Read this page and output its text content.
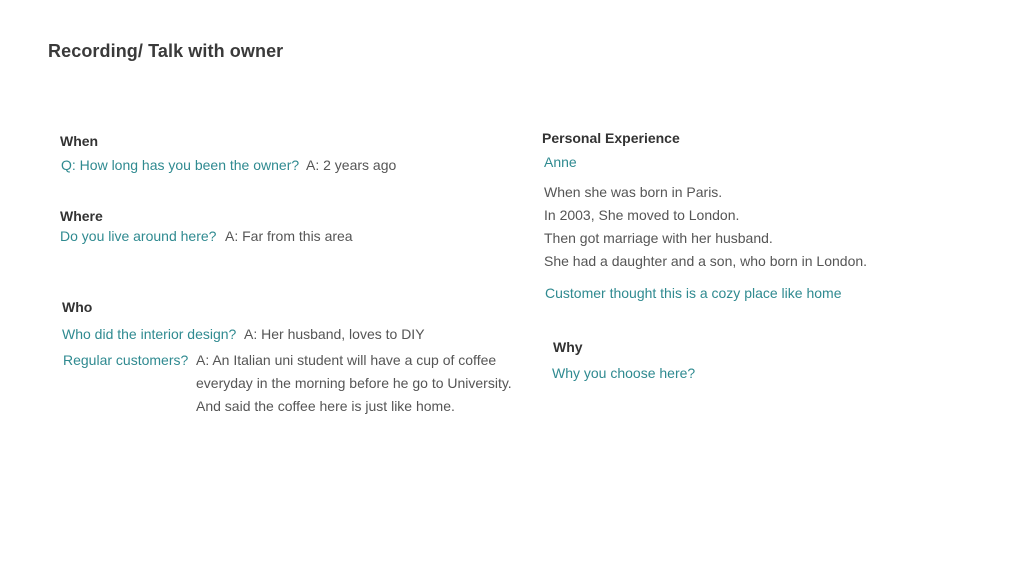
Recording/ Talk with owner
When
Q: How long has you been the owner? A: 2 years ago
Where
Do you live around here? A: Far from this area
Who
Who did the interior design? A: Her husband, loves to DIY
Regular customers? A: An Italian uni student will have a cup of coffee
everyday in the morning before he go to University.
And said the coffee here is just like home.
Personal Experience
Anne
When she was born in Paris.
In 2003, She moved to London.
Then got marriage with her husband.
She had a daughter and a son, who born in London.
Customer thought this is a cozy place like home
Why
Why you choose here?
